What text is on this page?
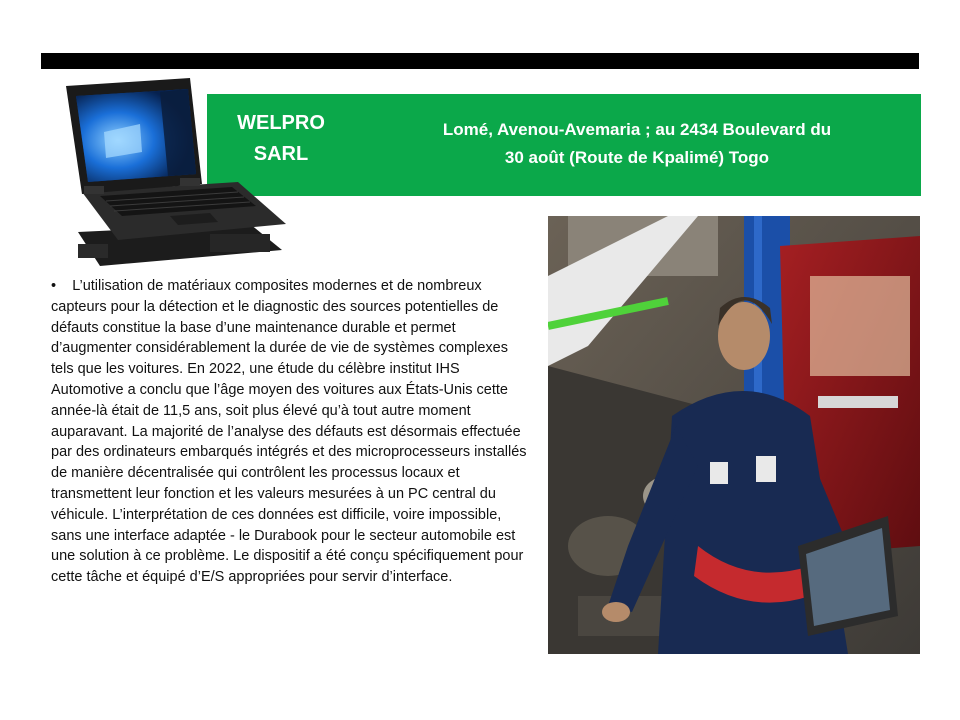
WELPRO
SARL
Lomé, Avenou-Avemaria ; au 2434 Boulevard du
30 août (Route de Kpalimé) Togo
• L’utilisation de matériaux composites modernes et de nombreux capteurs pour la détection et le diagnostic des sources potentielles de défauts constitue la base d’une maintenance durable et permet d’augmenter considérablement la durée de vie de systèmes complexes tels que les voitures. En 2022, une étude du célèbre institut IHS Automotive a conclu que l’âge moyen des voitures aux États-Unis cette année-là était de 11,5 ans, soit plus élevé qu’à tout autre moment auparavant. La majorité de l’analyse des défauts est désormais effectuée par des ordinateurs embarqués intégrés et des microprocesseurs installés de manière décentralisée qui contrôlent les processus locaux et transmettent leur fonction et les valeurs mesurées à un PC central du véhicule. L’interprétation de ces données est difficile, voire impossible, sans une interface adaptée - le Durabook pour le secteur automobile est une solution à ce problème. Le dispositif a été conçu spécifiquement pour cette tâche et équipé d’E/S appropriées pour servir d’interface.
